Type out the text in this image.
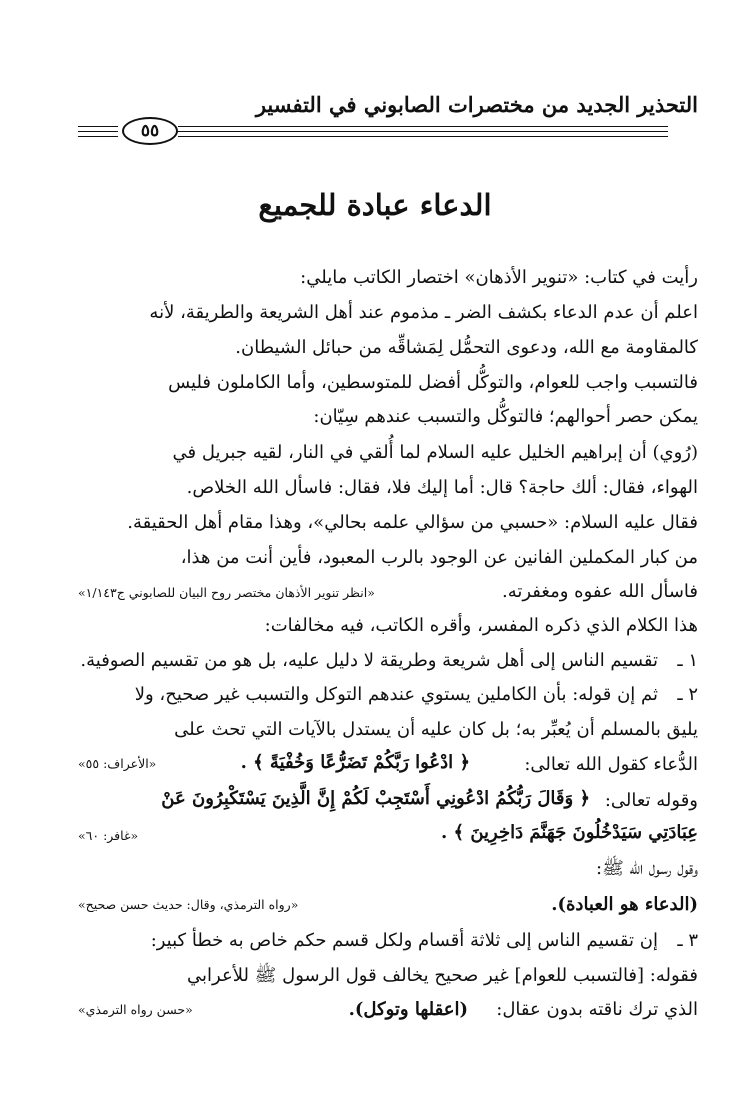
التحذير الجديد من مختصرات الصابوني في التفسير
٥٥
الدعاء عبادة للجميع
رأيت في كتاب: «تنوير الأذهان» اختصار الكاتب مايلي:
اعلم أن عدم الدعاء بكشف الضر ـ مذموم عند أهل الشريعة والطريقة، لأنه
كالمقاومة مع الله، ودعوى التحمُّل لِمَشاقِّه من حبائل الشيطان.
فالتسبب واجب للعوام، والتوكُّل أفضل للمتوسطين، وأما الكاملون فليس
يمكن حصر أحوالهم؛ فالتوكُّل والتسبب عندهم سِيّان:
(رُوي) أن إبراهيم الخليل عليه السلام لما أُلقي في النار، لقيه جبريل في
الهواء، فقال: ألك حاجة؟ قال: أما إليك فلا، فقال: فاسأل الله الخلاص.
فقال عليه السلام: «حسبي من سؤالي علمه بحالي»، وهذا مقام أهل الحقيقة.
من كبار المكملين الفانين عن الوجود بالرب المعبود، فأين أنت من هذا،
فاسأل الله عفوه ومغفرته.
«انظر تنوير الأذهان مختصر روح البيان للصابوني ج١/١٤٣»
هذا الكلام الذي ذكره المفسر، وأقره الكاتب، فيه مخالفات:
١ ـ
تقسيم الناس إلى أهل شريعة وطريقة لا دليل عليه، بل هو من تقسيم الصوفية.
٢ ـ
ثم إن قوله: بأن الكاملين يستوي عندهم التوكل والتسبب غير صحيح، ولا
يليق بالمسلم أن يُعبِّر به؛ بل كان عليه أن يستدل بالآيات التي تحث على
الدُّعاء كقول الله تعالى:
﴿ ادْعُوا رَبَّكُمْ تَضَرُّعًا وَخُفْيَةً ﴾ .
«الأعراف: ٥٥»
وقوله تعالى:
﴿ وَقَالَ رَبُّكُمُ ادْعُونِي أَسْتَجِبْ لَكُمْ إِنَّ الَّذِينَ يَسْتَكْبِرُونَ عَنْ
عِبَادَتِي سَيَدْخُلُونَ جَهَنَّمَ دَاخِرِينَ ﴾ .
«غافر: ٦٠»
وقول رسول الله ﷺ:
(الدعاء هو العبادة).
«رواه الترمذي، وقال: حديث حسن صحيح»
٣ ـ
إن تقسيم الناس إلى ثلاثة أقسام ولكل قسم حكم خاص به خطأ كبير:
فقوله: [فالتسبب للعوام] غير صحيح يخالف قول الرسول ﷺ للأعرابي
الذي ترك ناقته بدون عقال:
(اعقلها وتوكل).
«حسن رواه الترمذي»
